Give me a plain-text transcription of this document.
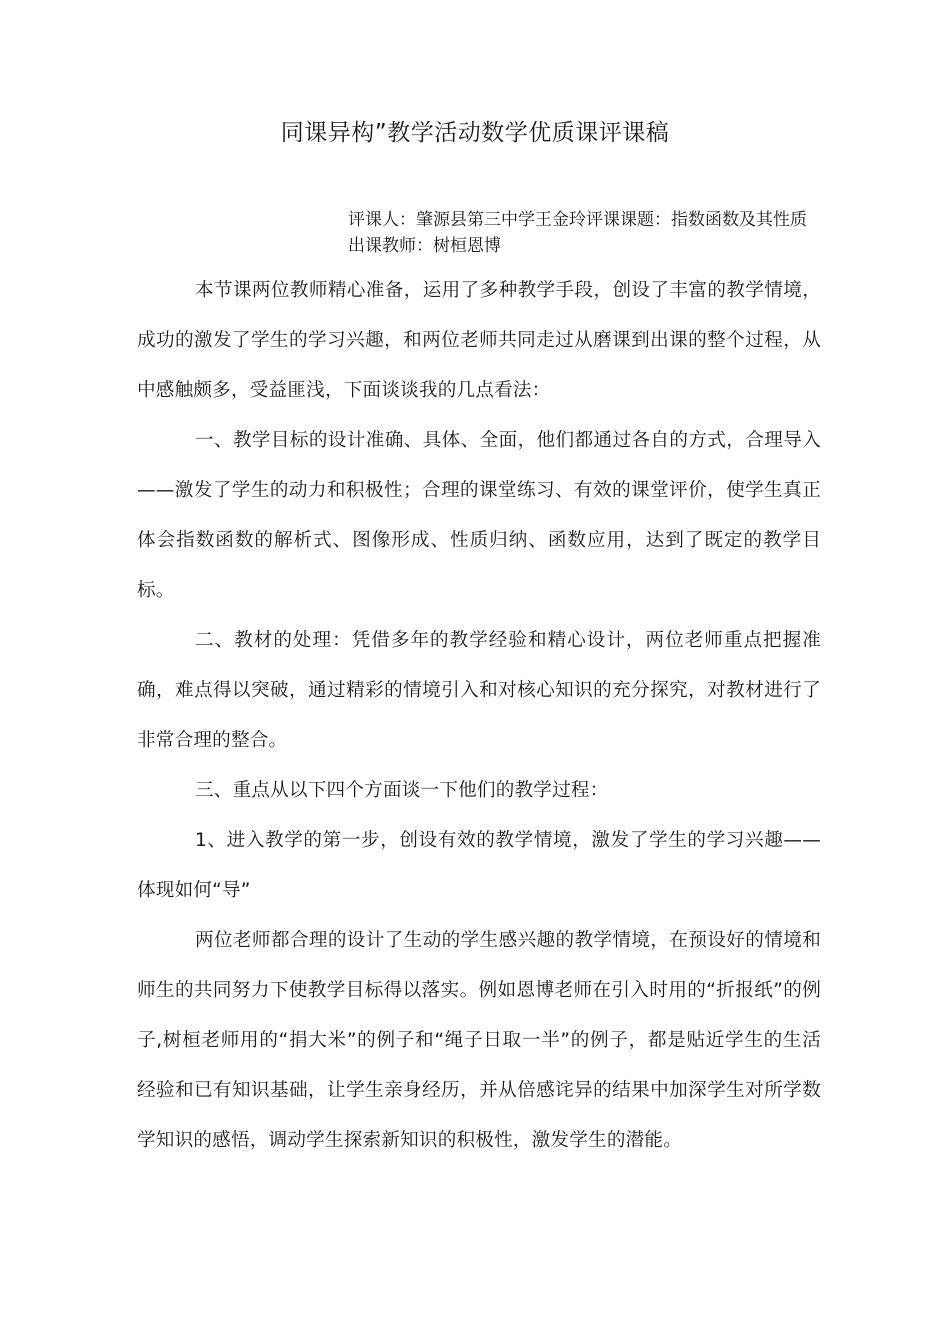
同课异构”教学活动数学优质课评课稿

评课人：肇源县第三中学王金玲评课课题：指数函数及其性质出课教师：树桓恩博

本节课两位教师精心准备，运用了多种教学手段，创设了丰富的教学情境，成功的激发了学生的学习兴趣，和两位老师共同走过从磨课到出课的整个过程，从中感触颇多，受益匪浅，下面谈谈我的几点看法：

一、教学目标的设计准确、具体、全面，他们都通过各自的方式，合理导入——激发了学生的动力和积极性；合理的课堂练习、有效的课堂评价，使学生真正体会指数函数的解析式、图像形成、性质归纳、函数应用，达到了既定的教学目标。

二、教材的处理：凭借多年的教学经验和精心设计，两位老师重点把握准确，难点得以突破，通过精彩的情境引入和对核心知识的充分探究，对教材进行了非常合理的整合。

三、重点从以下四个方面谈一下他们的教学过程：

1、进入教学的第一步，创设有效的教学情境，激发了学生的学习兴趣——体现如何“导”

两位老师都合理的设计了生动的学生感兴趣的教学情境，在预设好的情境和师生的共同努力下使教学目标得以落实。例如恩博老师在引入时用的“折报纸”的例子,树桓老师用的“捐大米”的例子和“绳子日取一半”的例子，都是贴近学生的生活经验和已有知识基础，让学生亲身经历，并从倍感诧异的结果中加深学生对所学数学知识的感悟，调动学生探索新知识的积极性，激发学生的潜能。
